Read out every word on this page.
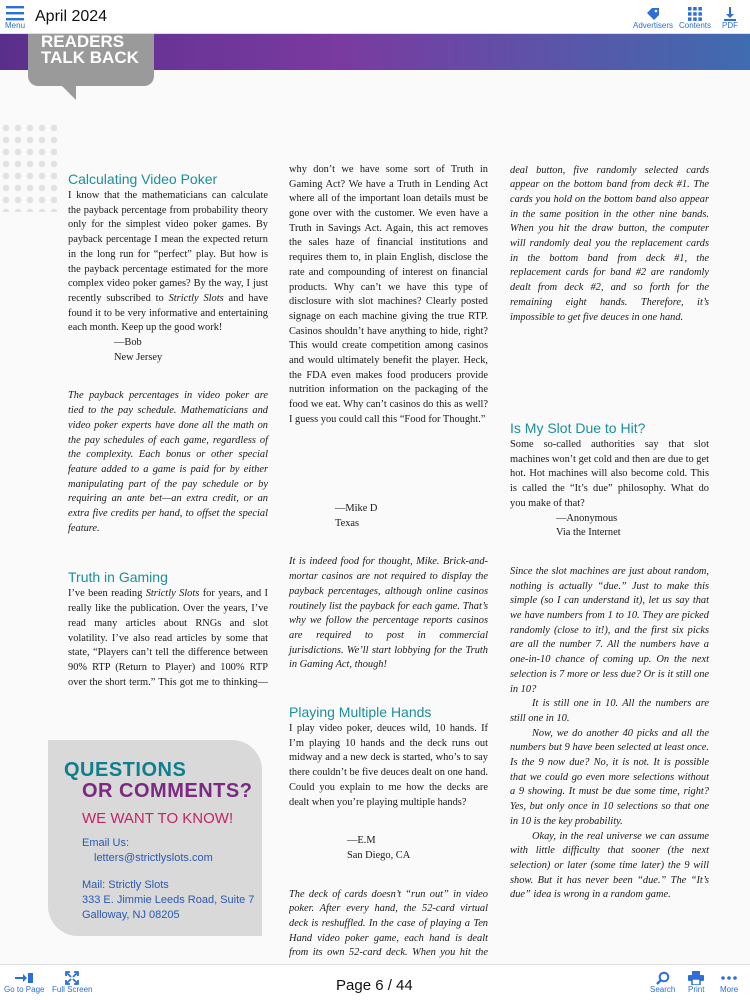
Menu
April 2024
Advertisers Contents PDF
READERS
TALK BACK
Calculating Video Poker

I know that the mathematicians can calculate the payback percentage from probability theory only for the simplest video poker games. By payback percentage I mean the expected return in the long run for “perfect” play. But how is the payback percentage estimated for the more complex video poker games? By the way, I just recently subscribed to Strictly Slots and have found it to be very informative and entertaining each month. Keep up the good work!

—Bob
New Jersey

The payback percentages in video poker are tied to the pay schedule. Mathematicians and video poker experts have done all the math on the pay schedules of each game, regardless of the complexity. Each bonus or other special feature added to a game is paid for by either manipulating part of the pay schedule or by requiring an ante bet—an extra credit, or an extra five credits per hand, to offset the special feature.

Truth in Gaming

I’ve been reading Strictly Slots for years, and I really like the publication. Over the years, I’ve read many articles about RNGs and slot volatility. I’ve also read articles by some that state, “Players can’t tell the difference between 90% RTP (Return to Player) and 100% RTP over the short term.” This got me to thinking—

why don’t we have some sort of Truth in Gaming Act? We have a Truth in Lending Act where all of the important loan details must be gone over with the customer. We even have a Truth in Savings Act. Again, this act removes the sales haze of financial institutions and requires them to, in plain English, disclose the rate and compounding of interest on financial products. Why can’t we have this type of disclosure with slot machines? Clearly posted signage on each machine giving the true RTP. Casinos shouldn’t have anything to hide, right? This would create competition among casinos and would ultimately benefit the player. Heck, the FDA even makes food producers provide nutrition information on the packaging of the food we eat. Why can’t casinos do this as well? I guess you could call this “Food for Thought.”

—Mike D
Texas

It is indeed food for thought, Mike. Brick-and-mortar casinos are not required to display the payback percentages, although online casinos routinely list the payback for each game. That’s why we follow the percentage reports casinos are required to post in commercial jurisdictions. We’ll start lobbying for the Truth in Gaming Act, though!

Playing Multiple Hands

I play video poker, deuces wild, 10 hands. If I’m playing 10 hands and the deck runs out midway and a new deck is started, who’s to say there couldn’t be five deuces dealt on one hand. Could you explain to me how the decks are dealt when you’re playing multiple hands?

—E.M
San Diego, CA

The deck of cards doesn’t “run out” in video poker. After every hand, the 52-card virtual deck is reshuffled. In the case of playing a Ten Hand video poker game, each hand is dealt from its own 52-card deck. When you hit the

deal button, five randomly selected cards appear on the bottom band from deck #1. The cards you hold on the bottom band also appear in the same position in the other nine bands. When you hit the draw button, the computer will randomly deal you the replacement cards in the bottom band from deck #1, the replacement cards for band #2 are randomly dealt from deck #2, and so forth for the remaining eight hands. Therefore, it’s impossible to get five deuces in one hand.

Is My Slot Due to Hit?

Some so-called authorities say that slot machines won’t get cold and then are due to get hot. Hot machines will also become cold. This is called the “It’s due” philosophy. What do you make of that?

—Anonymous
Via the Internet

Since the slot machines are just about random, nothing is actually “due.” Just to make this simple (so I can understand it), let us say that we have numbers from 1 to 10. They are picked randomly (close to it!), and the first six picks are all the number 7. All the numbers have a one-in-10 chance of coming up. On the next selection is 7 more or less due? Or is it still one in 10?

It is still one in 10. All the numbers are still one in 10.

Now, we do another 40 picks and all the numbers but 9 have been selected at least once. Is the 9 now due? No, it is not. It is possible that we could go even more selections without a 9 showing. It must be due some time, right? Yes, but only once in 10 selections so that one in 10 is the key probability.

Okay, in the real universe we can assume with little difficulty that sooner (the next selection) or later (some time later) the 9 will show. But it has never been “due.” The “It’s due” idea is wrong in a random game.

QUESTIONS
OR COMMENTS?
WE WANT TO KNOW!
Email Us:
letters@strictlyslots.com
Mail: Strictly Slots
333 E. Jimmie Leeds Road, Suite 7
Galloway, NJ 08205
Go to Page Full Screen	Page 6 / 44	Search Print More
